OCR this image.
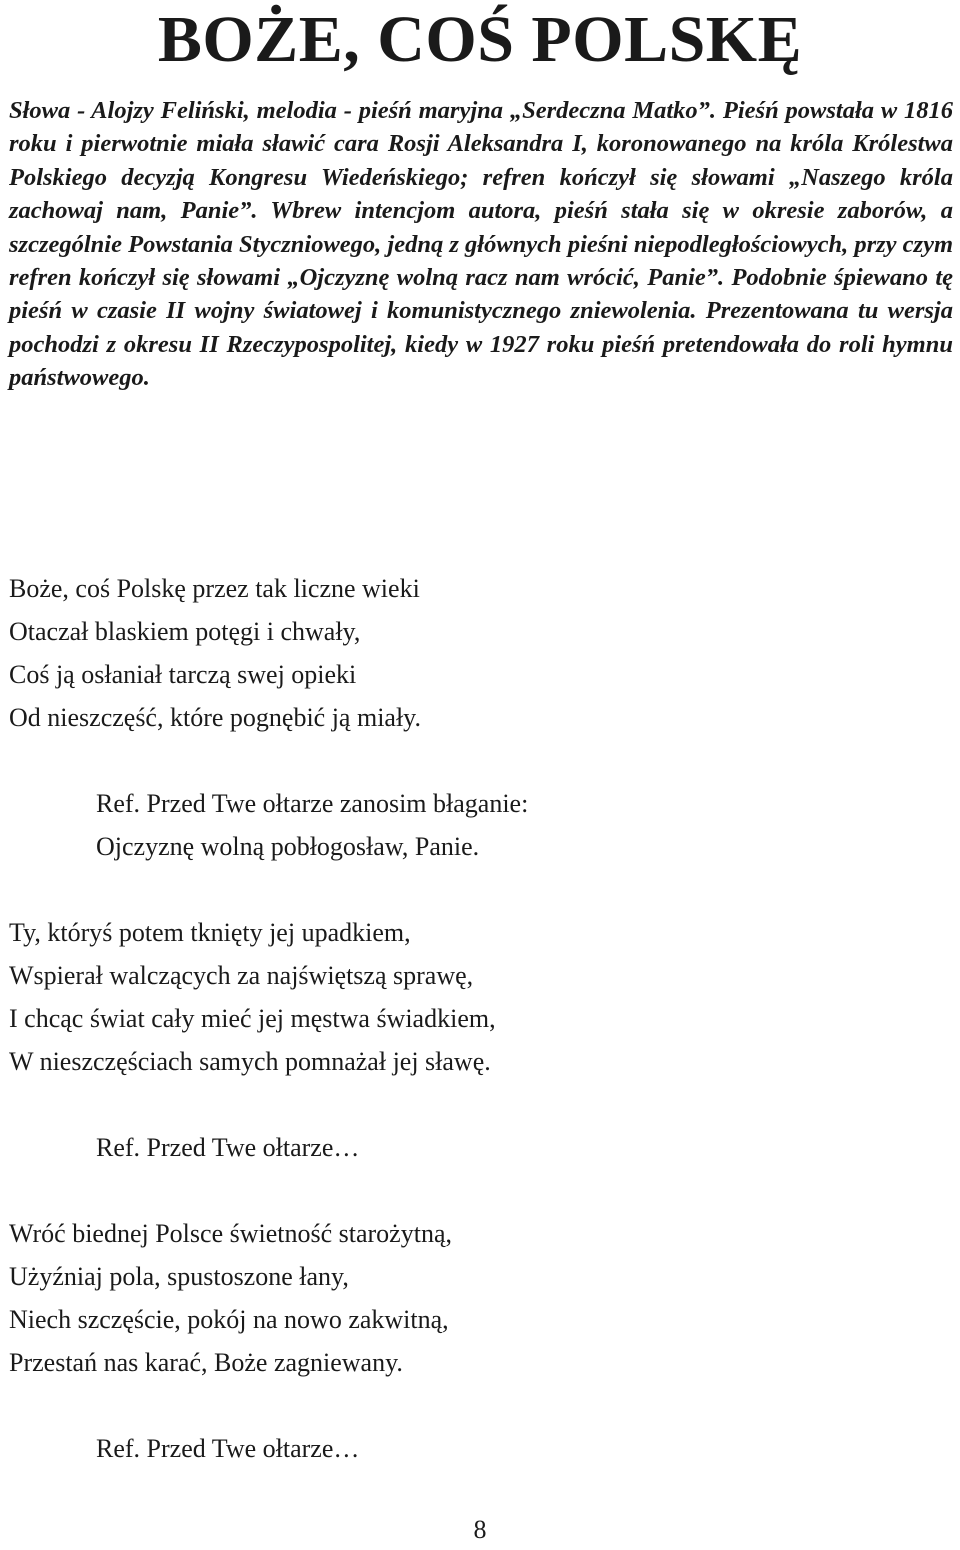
BOŻE, COŚ POLSKĘ

Słowa - Alojzy Feliński, melodia - pieśń maryjna „Serdeczna Matko”. Pieśń powstała w 1816 roku i pierwotnie miała sławić cara Rosji Aleksandra I, koronowanego na króla Królestwa Polskiego decyzją Kongresu Wiedeńskiego; refren kończył się słowami „Naszego króla zachowaj nam, Panie”. Wbrew intencjom autora, pieśń stała się w okresie zaborów, a szczególnie Powstania Styczniowego, jedną z głównych pieśni niepodległościowych, przy czym refren kończył się słowami „Ojczyznę wolną racz nam wrócić, Panie”. Podobnie śpiewano tę pieśń w czasie II wojny światowej i komunistycznego zniewolenia. Prezentowana tu wersja pochodzi z okresu II Rzeczypospolitej, kiedy w 1927 roku pieśń pretendowała do roli hymnu państwowego.

Boże, coś Polskę przez tak liczne wieki
Otaczał blaskiem potęgi i chwały,
Coś ją osłaniał tarczą swej opieki
Od nieszczęść, które pognębić ją miały.
Ref. Przed Twe ołtarze zanosim błaganie:
Ojczyznę wolną pobłogosław, Panie.
Ty, któryś potem tknięty jej upadkiem,
Wspierał walczących za najświętszą sprawę,
I chcąc świat cały mieć jej męstwa świadkiem,
W nieszczęściach samych pomnażał jej sławę.
Ref. Przed Twe ołtarze…
Wróć biednej Polsce świetność starożytną,
Użyźniaj pola, spustoszone łany,
Niech szczęście, pokój na nowo zakwitną,
Przestań nas karać, Boże zagniewany.
Ref. Przed Twe ołtarze…
8
